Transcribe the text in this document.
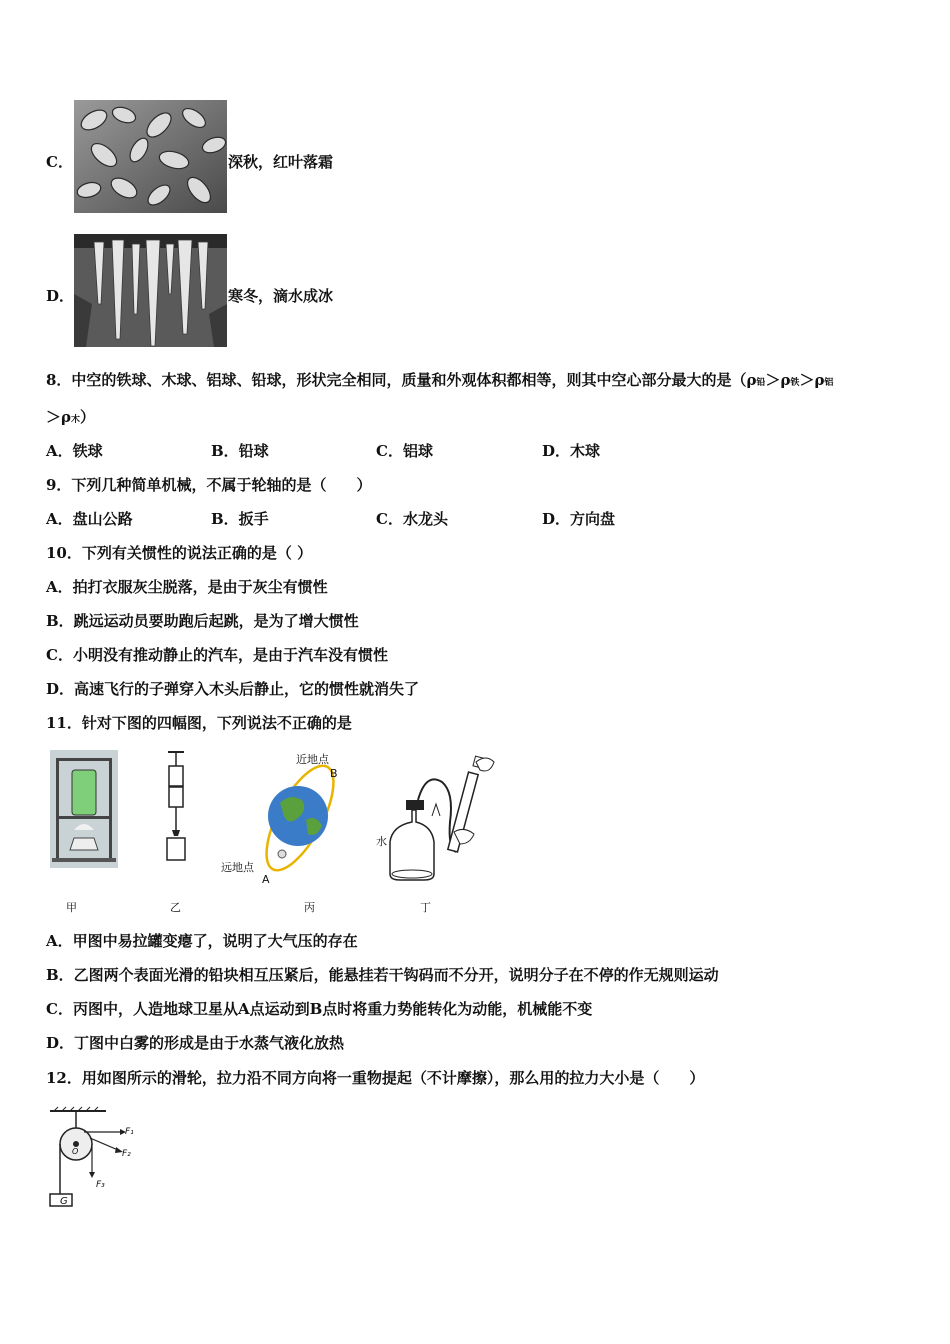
C．	深秋，红叶落霜
D．	寒冬，滴水成冰
8．中空的铁球、木球、铝球、铅球，形状完全相同，质量和外观体积都相等，则其中空心部分最大的是（ρ铅＞ρ铁＞ρ铝
＞ρ木）
A．铁球	B．铅球	C．铝球	D．木球
9．下列几种简单机械，不属于轮轴的是（　　）
A．盘山公路	B．扳手	C．水龙头	D．方向盘
10．下列有关惯性的说法正确的是（ ）
A．拍打衣服灰尘脱落，是由于灰尘有惯性
B．跳远运动员要助跑后起跳，是为了增大惯性
C．小明没有推动静止的汽车，是由于汽车没有惯性
D．高速飞行的子弹穿入木头后静止，它的惯性就消失了
11．针对下图的四幅图，下列说法不正确的是
甲	乙
近地点
B
远地点
A
丙
水
丁
A．甲图中易拉罐变瘪了，说明了大气压的存在
B．乙图两个表面光滑的铅块相互压紧后，能悬挂若干钩码而不分开，说明分子在不停的作无规则运动
C．丙图中，人造地球卫星从A点运动到B点时将重力势能转化为动能，机械能不变
D．丁图中白雾的形成是由于水蒸气液化放热
12．用如图所示的滑轮，拉力沿不同方向将一重物提起（不计摩擦），那么用的拉力大小是（　　）
F₁
F₂
F₃
G
O
